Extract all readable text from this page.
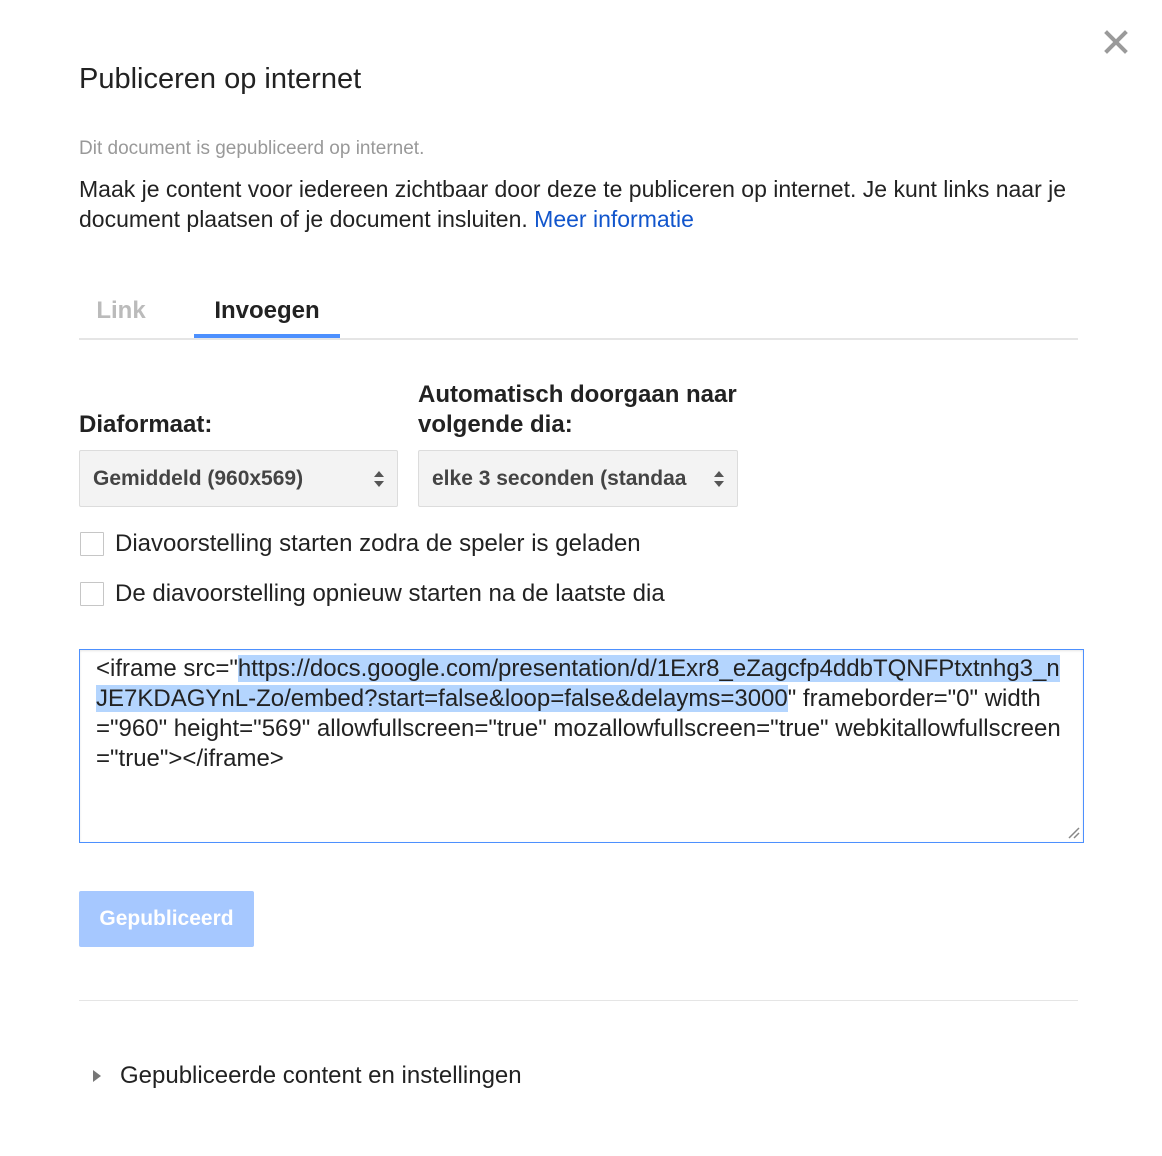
Publiceren op internet
Dit document is gepubliceerd op internet.
Maak je content voor iedereen zichtbaar door deze te publiceren op internet. Je kunt links naar je document plaatsen of je document insluiten. Meer informatie
Link	Invoegen
Diaformaat:
Automatisch doorgaan naar volgende dia:
Gemiddeld (960x569)	elke 3 seconden (standaa
Diavoorstelling starten zodra de speler is geladen
De diavoorstelling opnieuw starten na de laatste dia
<iframe src="https://docs.google.com/presentation/d/1Exr8_eZagcfp4ddbTQNFPtxtnhg3_nJE7KDAGYnL-Zo/embed?start=false&loop=false&delayms=3000" frameborder="0" width="960" height="569" allowfullscreen="true" mozallowfullscreen="true" webkitallowfullscreen="true"></iframe>
Gepubliceerd
Gepubliceerde content en instellingen
